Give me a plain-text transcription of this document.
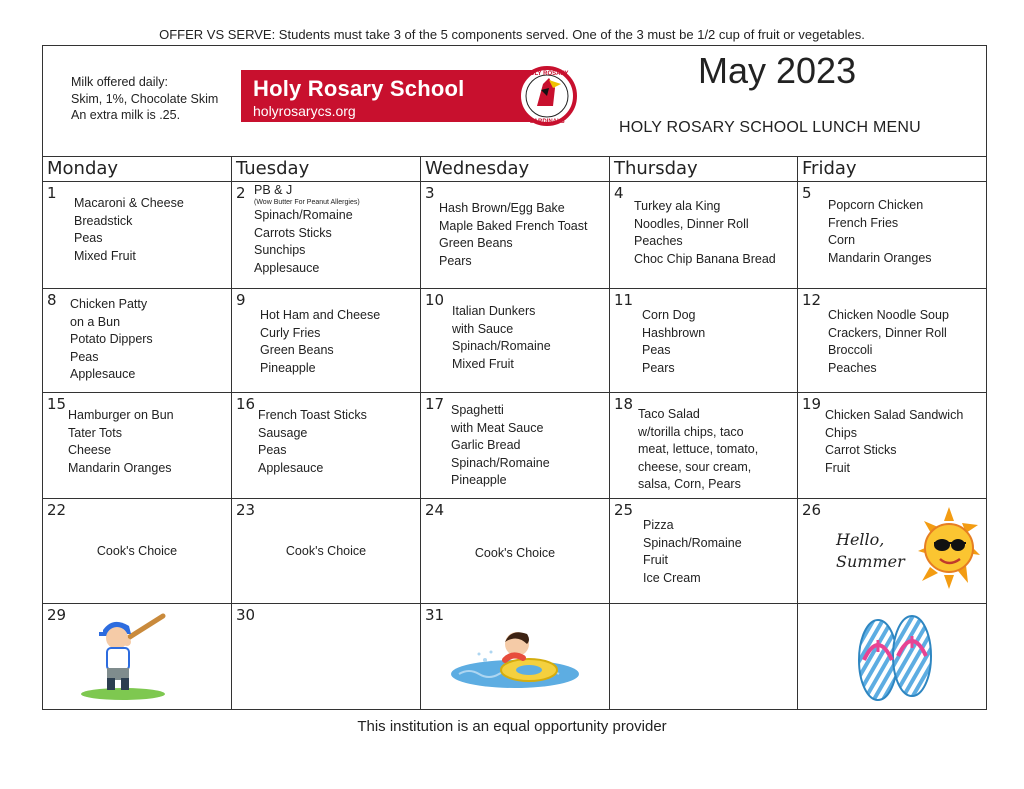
OFFER VS SERVE: Students must take 3 of the 5 components served. One of the 3 must be 1/2 cup of fruit or vegetables.
Milk offered daily:
Skim, 1%, Chocolate Skim
An extra milk is .25.
Holy Rosary School
holyrosarycs.org
HOLY ROSARY
CARDINALS
May 2023
HOLY ROSARY SCHOOL LUNCH MENU
Monday	Tuesday	Wednesday	Thursday	Friday
1
Macaroni & Cheese
Breadstick
Peas
Mixed Fruit
2 PB & J
(Wow Butter For Peanut Allergies)
Spinach/Romaine
Carrots Sticks
Sunchips
Applesauce
3
Hash Brown/Egg Bake
Maple Baked French Toast
Green Beans
Pears
4
Turkey ala King
Noodles, Dinner Roll
Peaches
Choc Chip Banana Bread
5
Popcorn Chicken
French Fries
Corn
Mandarin Oranges
8 Chicken Patty
on a Bun
Potato Dippers
Peas
Applesauce
9
Hot Ham and Cheese
Curly Fries
Green Beans
Pineapple
10
Italian Dunkers
with Sauce
Spinach/Romaine
Mixed Fruit
11
Corn Dog
Hashbrown
Peas
Pears
12
Chicken Noodle Soup
Crackers, Dinner Roll
Broccoli
Peaches
15
Hamburger on Bun
Tater Tots
Cheese
Mandarin Oranges
16
French Toast Sticks
Sausage
Peas
Applesauce
17 Spaghetti
with Meat Sauce
Garlic Bread
Spinach/Romaine
Pineapple
18
Taco Salad
w/torilla chips, taco
meat, lettuce, tomato,
cheese, sour cream,
salsa, Corn, Pears
19
Chicken Salad Sandwich
Chips
Carrot Sticks
Fruit
22
Cook's Choice
23
Cook's Choice
24
Cook's Choice
25
Pizza
Spinach/Romaine
Fruit
Ice Cream
26
Hello,
Summer
29	30	31
This institution is an equal opportunity provider
